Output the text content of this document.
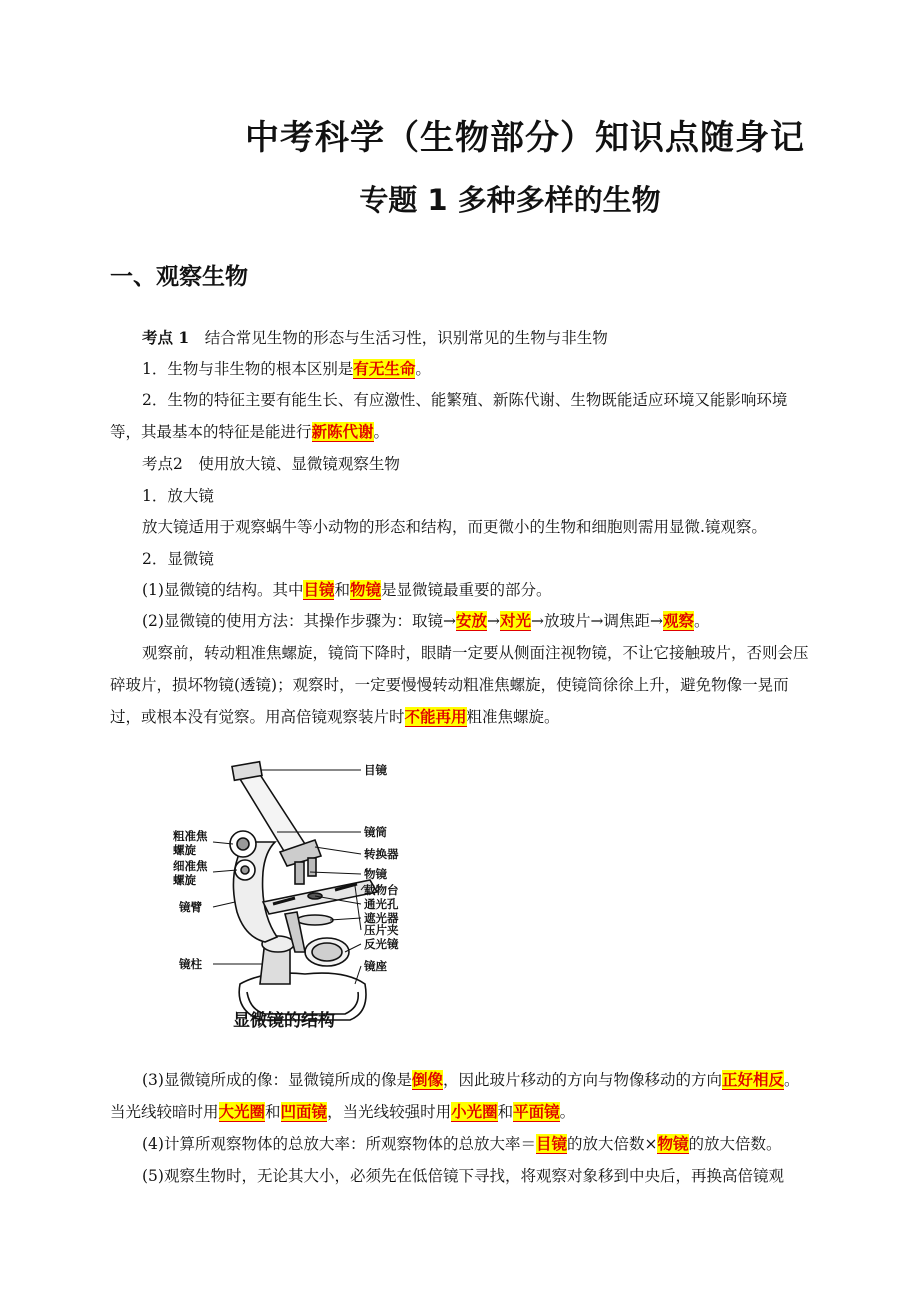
中考科学（生物部分）知识点随身记
专题 1 多种多样的生物
一、观察生物
考点 1　 结合常见生物的形态与生活习性，识别常见的生物与非生物
1．生物与非生物的根本区别是有无生命。
2．生物的特征主要有能生长、有应激性、能繁殖、新陈代谢、生物既能适应环境又能影响环境等，其最基本的特征是能进行新陈代谢。
考点2　使用放大镜、显微镜观察生物
1．放大镜
放大镜适用于观察蜗牛等小动物的形态和结构，而更微小的生物和细胞则需用显微.镜观察。
2．显微镜
(1)显微镜的结构。其中目镜和物镜是显微镜最重要的部分。
(2)显微镜的使用方法：其操作步骤为：取镜→安放→对光→放玻片→调焦距→观察。
观察前，转动粗准焦螺旋，镜筒下降时，眼睛一定要从侧面注视物镜，不让它接触玻片，否则会压碎玻片，损坏物镜(透镜)；观察时，一定要慢慢转动粗准焦螺旋，使镜筒徐徐上升，避免物像一晃而过，或根本没有觉察。用高倍镜观察装片时不能再用粗准焦螺旋。
目镜
镜筒
转换器
物镜
载物台
通光孔
遮光器
压片夹
反光镜
镜座
粗准焦
螺旋
细准焦
螺旋
镜臂
镜柱
显微镜的结构
(3)显微镜所成的像：显微镜所成的像是倒像，因此玻片移动的方向与物像移动的方向正好相反。当光线较暗时用大光圈和凹面镜，当光线较强时用小光圈和平面镜。
(4)计算所观察物体的总放大率：所观察物体的总放大率＝目镜的放大倍数×物镜的放大倍数。
(5)观察生物时，无论其大小，必须先在低倍镜下寻找，将观察对象移到中央后，再换高倍镜观
